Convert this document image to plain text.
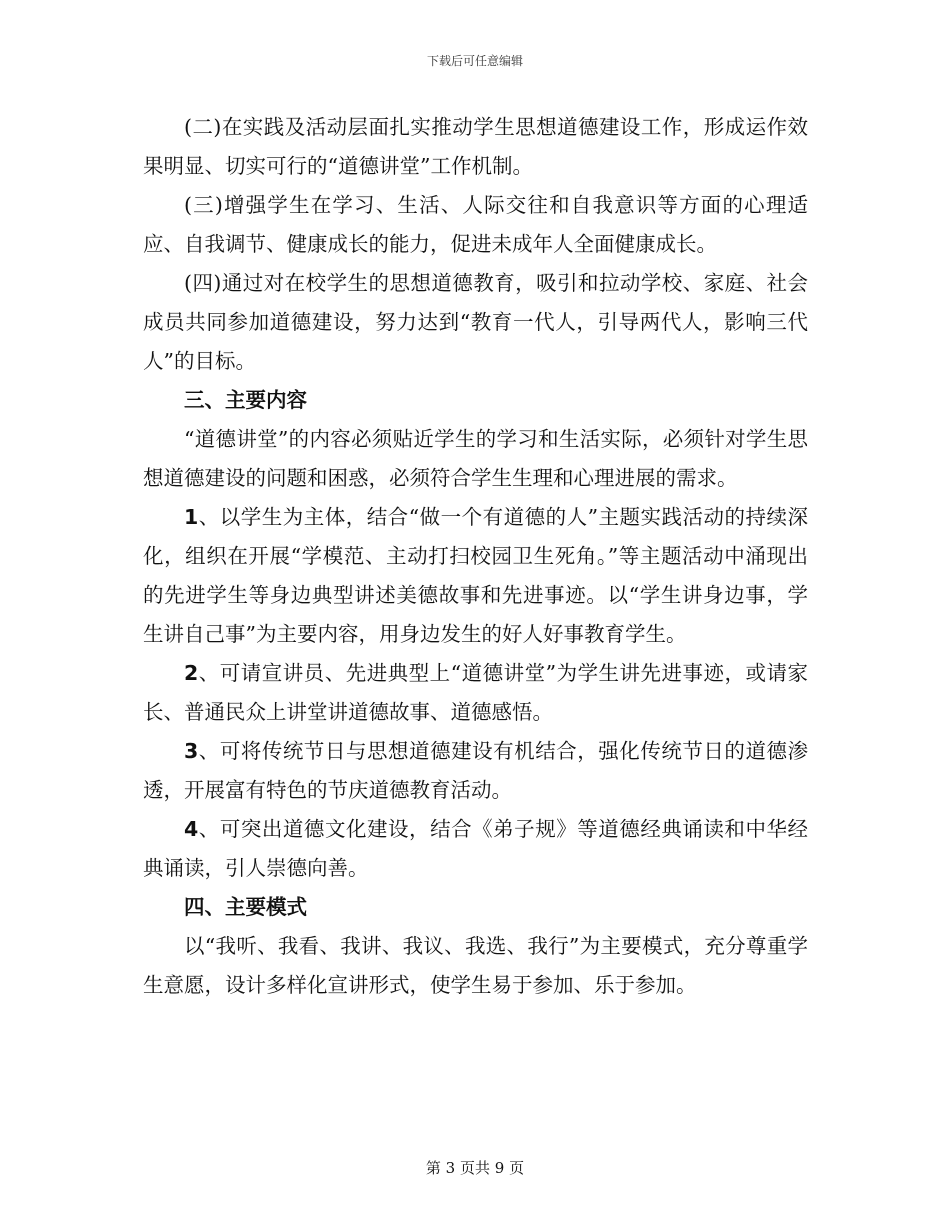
下载后可任意编辑

(二)在实践及活动层面扎实推动学生思想道德建设工作，形成运作效果明显、切实可行的“道德讲堂”工作机制。

(三)增强学生在学习、生活、人际交往和自我意识等方面的心理适应、自我调节、健康成长的能力，促进未成年人全面健康成长。

(四)通过对在校学生的思想道德教育，吸引和拉动学校、家庭、社会成员共同参加道德建设，努力达到“教育一代人，引导两代人，影响三代人”的目标。

三、主要内容

“道德讲堂”的内容必须贴近学生的学习和生活实际，必须针对学生思想道德建设的问题和困惑，必须符合学生生理和心理进展的需求。

1、以学生为主体，结合“做一个有道德的人”主题实践活动的持续深化，组织在开展“学模范、主动打扫校园卫生死角。”等主题活动中涌现出的先进学生等身边典型讲述美德故事和先进事迹。以“学生讲身边事，学生讲自己事”为主要内容，用身边发生的好人好事教育学生。

2、可请宣讲员、先进典型上“道德讲堂”为学生讲先进事迹，或请家长、普通民众上讲堂讲道德故事、道德感悟。

3、可将传统节日与思想道德建设有机结合，强化传统节日的道德渗透，开展富有特色的节庆道德教育活动。

4、可突出道德文化建设，结合《弟子规》等道德经典诵读和中华经典诵读，引人崇德向善。

四、主要模式

以“我听、我看、我讲、我议、我选、我行”为主要模式，充分尊重学生意愿，设计多样化宣讲形式，使学生易于参加、乐于参加。

第 3 页共 9 页
